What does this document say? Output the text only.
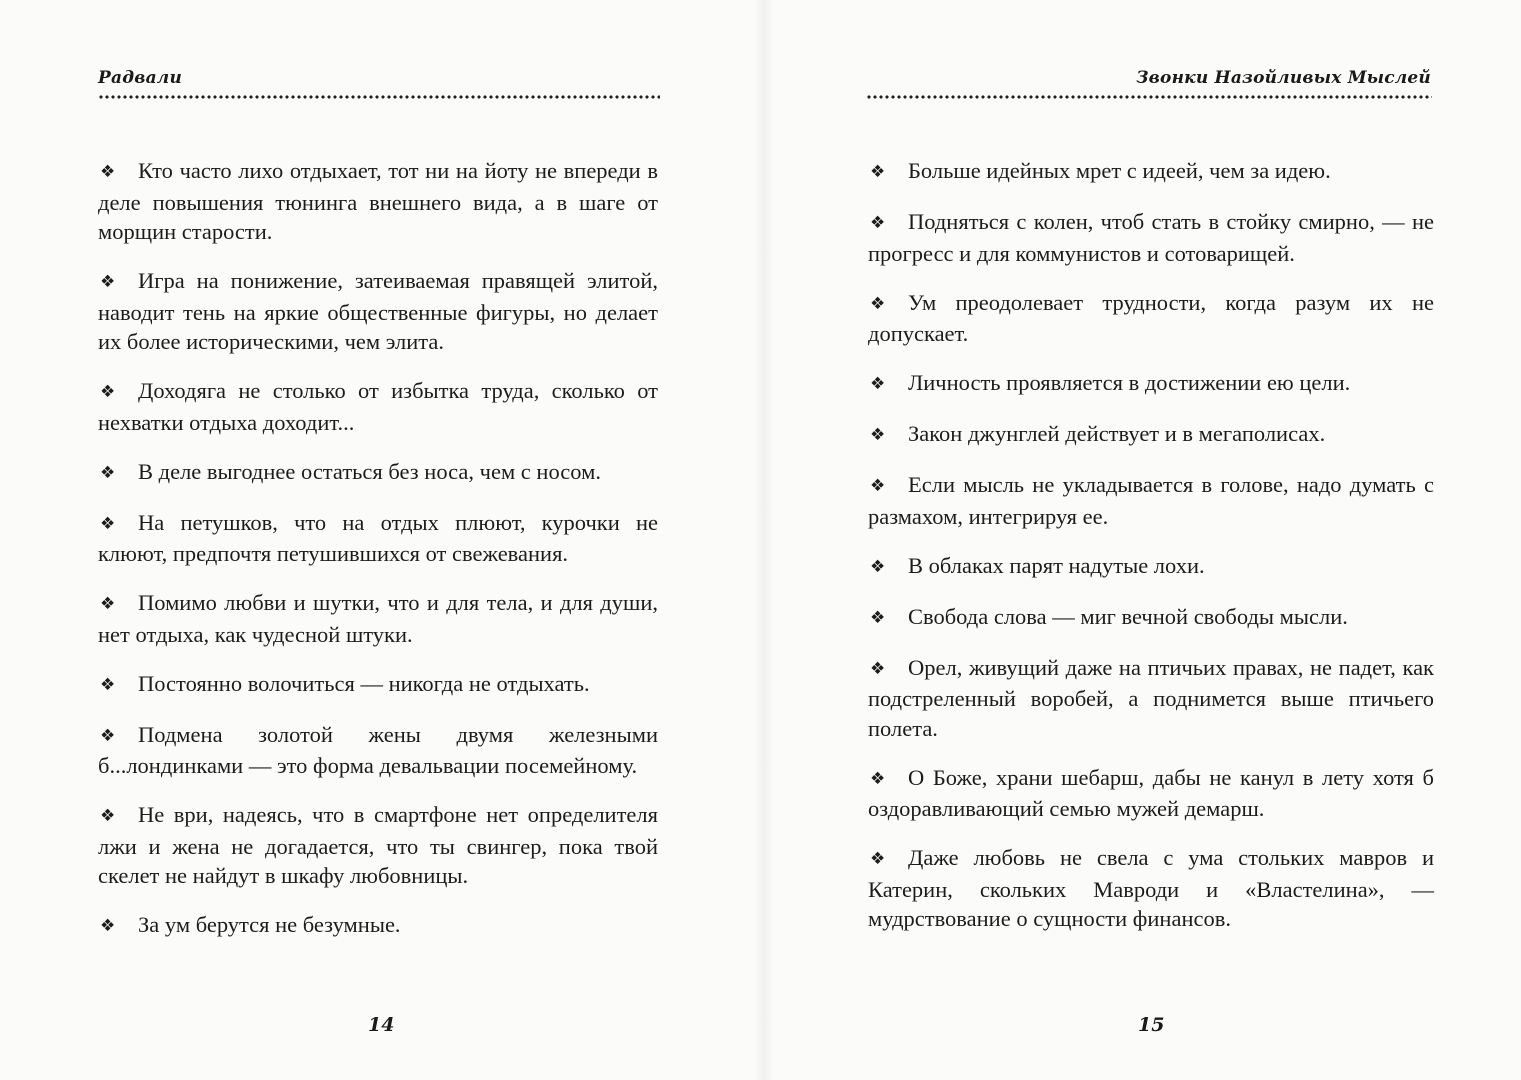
Радвали

❖ Кто часто лихо отдыхает, тот ни на йоту не впереди в деле повышения тюнинга внешнего вида, а в шаге от морщин старости.

❖ Игра на понижение, затеиваемая правящей элитой, наводит тень на яркие общественные фигуры, но делает их более историческими, чем элита.

❖ Доходяга не столько от избытка труда, сколько от нехватки отдыха доходит...

❖ В деле выгоднее остаться без носа, чем с носом.

❖ На петушков, что на отдых плюют, курочки не клюют, предпочтя петушившихся от свежевания.

❖ Помимо любви и шутки, что и для тела, и для души, нет отдыха, как чудесной штуки.

❖ Постоянно волочиться — никогда не отдыхать.

❖ Подмена золотой жены двумя железными б...лондинками — это форма девальвации посемейному.

❖ Не ври, надеясь, что в смартфоне нет определителя лжи и жена не догадается, что ты свингер, пока твой скелет не найдут в шкафу любовницы.

❖ За ум берутся не безумные.

14
Звонки Назойливых Мыслей

❖ Больше идейных мрет с идеей, чем за идею.

❖ Подняться с колен, чтоб стать в стойку смирно, — не прогресс и для коммунистов и сотоварищей.

❖ Ум преодолевает трудности, когда разум их не допускает.

❖ Личность проявляется в достижении ею цели.

❖ Закон джунглей действует и в мегаполисах.

❖ Если мысль не укладывается в голове, надо думать с размахом, интегрируя ее.

❖ В облаках парят надутые лохи.

❖ Свобода слова — миг вечной свободы мысли.

❖ Орел, живущий даже на птичьих правах, не падет, как подстреленный воробей, а поднимется выше птичьего полета.

❖ О Боже, храни шебарш, дабы не канул в лету хотя б оздоравливающий семью мужей демарш.

❖ Даже любовь не свела с ума стольких мавров и Катерин, скольких Мавроди и «Властелина», — мудрствование о сущности финансов.

15
